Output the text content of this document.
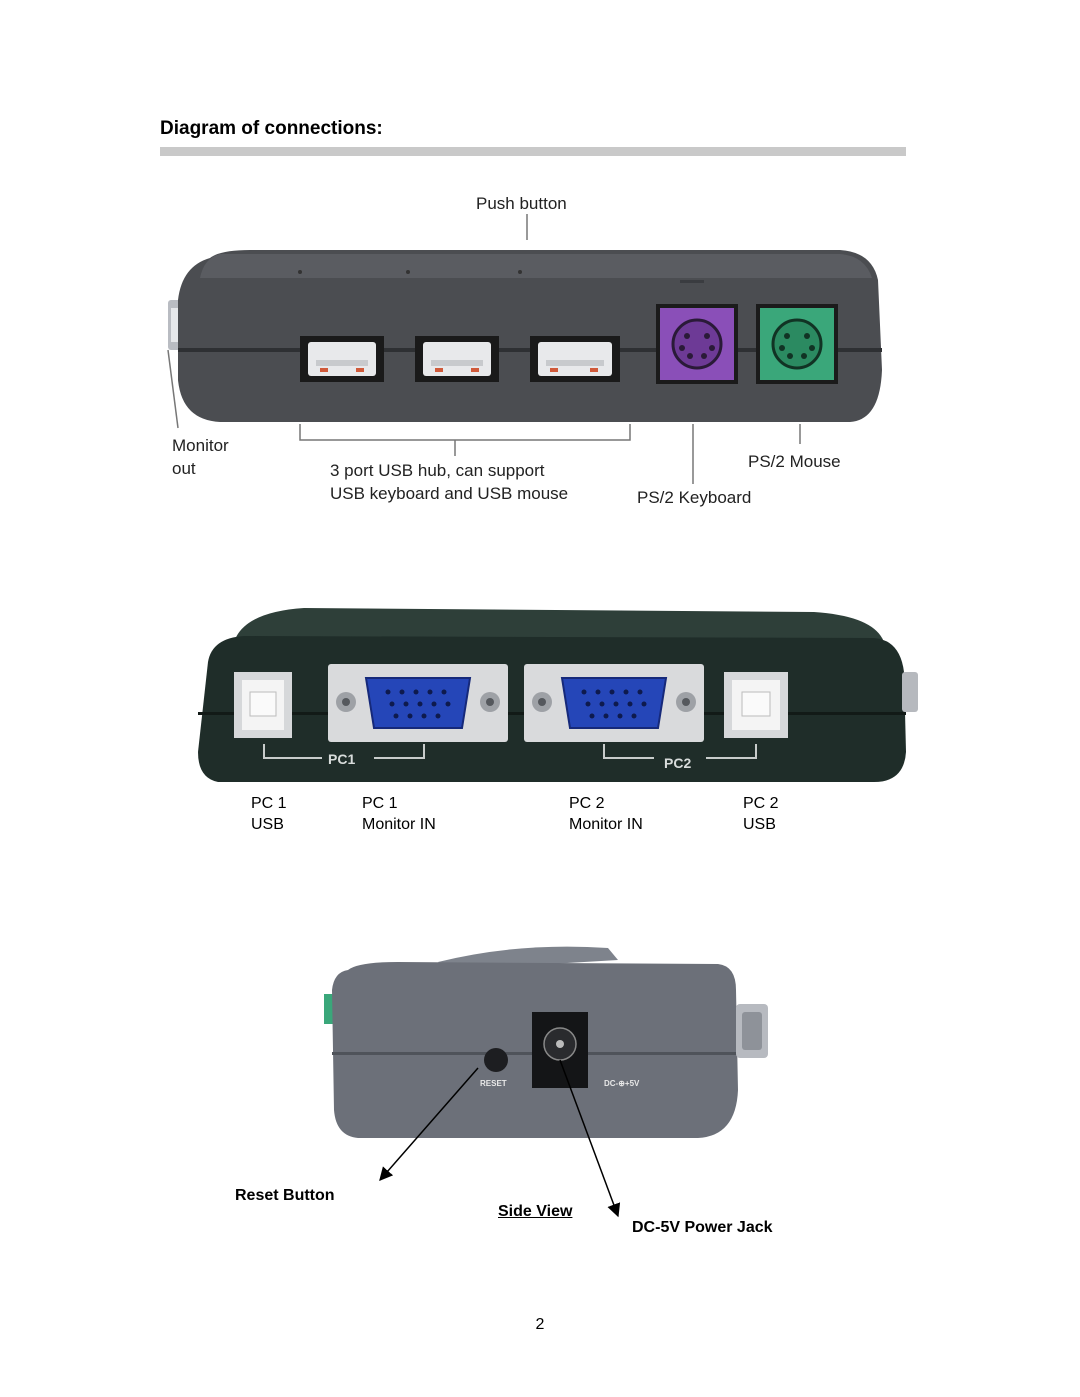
Diagram of connections:
Push button
Monitor
out	3 port USB hub, can support
USB keyboard and USB mouse
PS/2 Mouse
PS/2 Keyboard
PC1	PC2
PC 1
USB
PC 1
Monitor IN
PC 2
Monitor IN
PC 2
USB
RESET	DC-⊕+5V
Reset Button
Side View
DC-5V Power Jack
2
